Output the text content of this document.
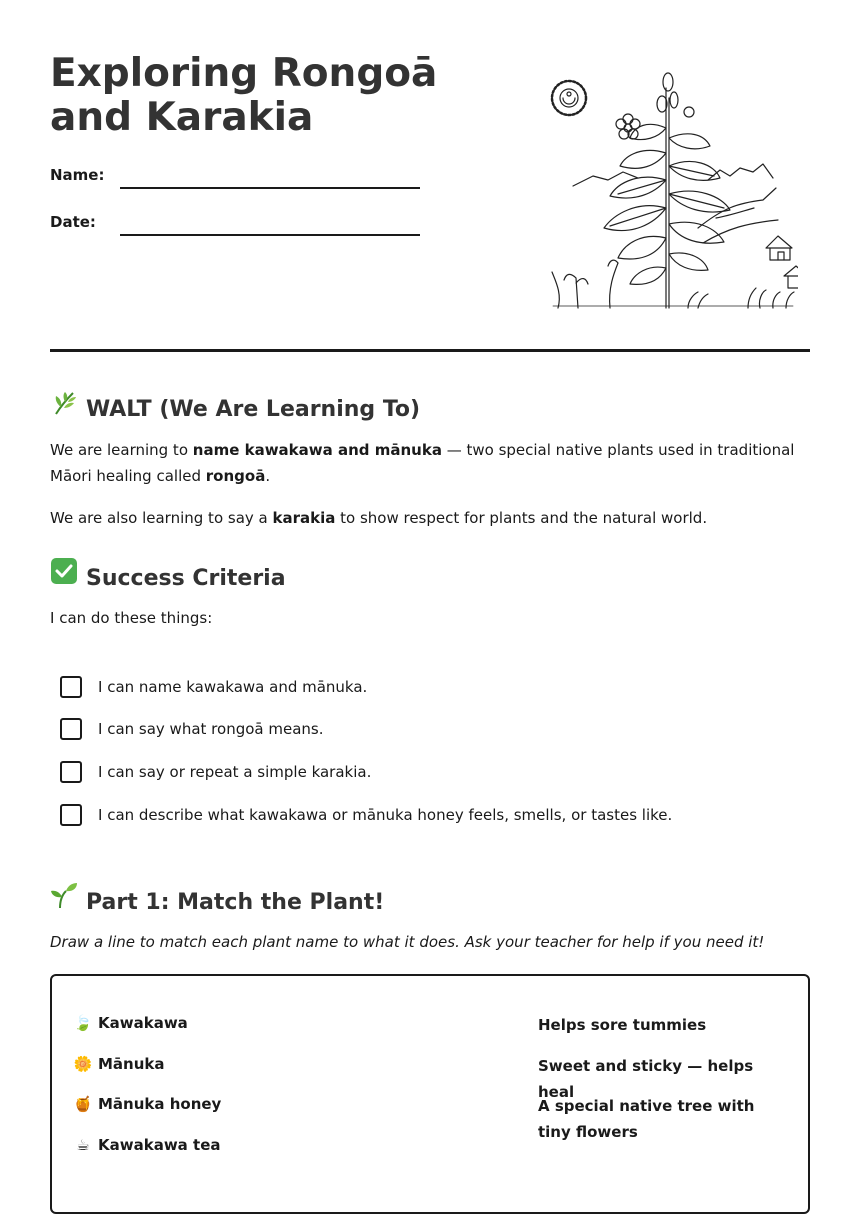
Exploring Rongoā and Karakia
Name:
Date:
WALT (We Are Learning To)

We are learning to name kawakawa and mānuka — two special native plants used in traditional Māori healing called rongoā.

We are also learning to say a karakia to show respect for plants and the natural world.

Success Criteria

I can do these things:

I can name kawakawa and mānuka.
I can say what rongoā means.
I can say or repeat a simple karakia.
I can describe what kawakawa or mānuka honey feels, smells, or tastes like.
Part 1: Match the Plant!

Draw a line to match each plant name to what it does. Ask your teacher for help if you need it!

🍃 Kawakawa
🌼 Mānuka
🍯 Mānuka honey
☕ Kawakawa tea
Helps sore tummies
Sweet and sticky — helps heal
A special native tree with tiny flowers
